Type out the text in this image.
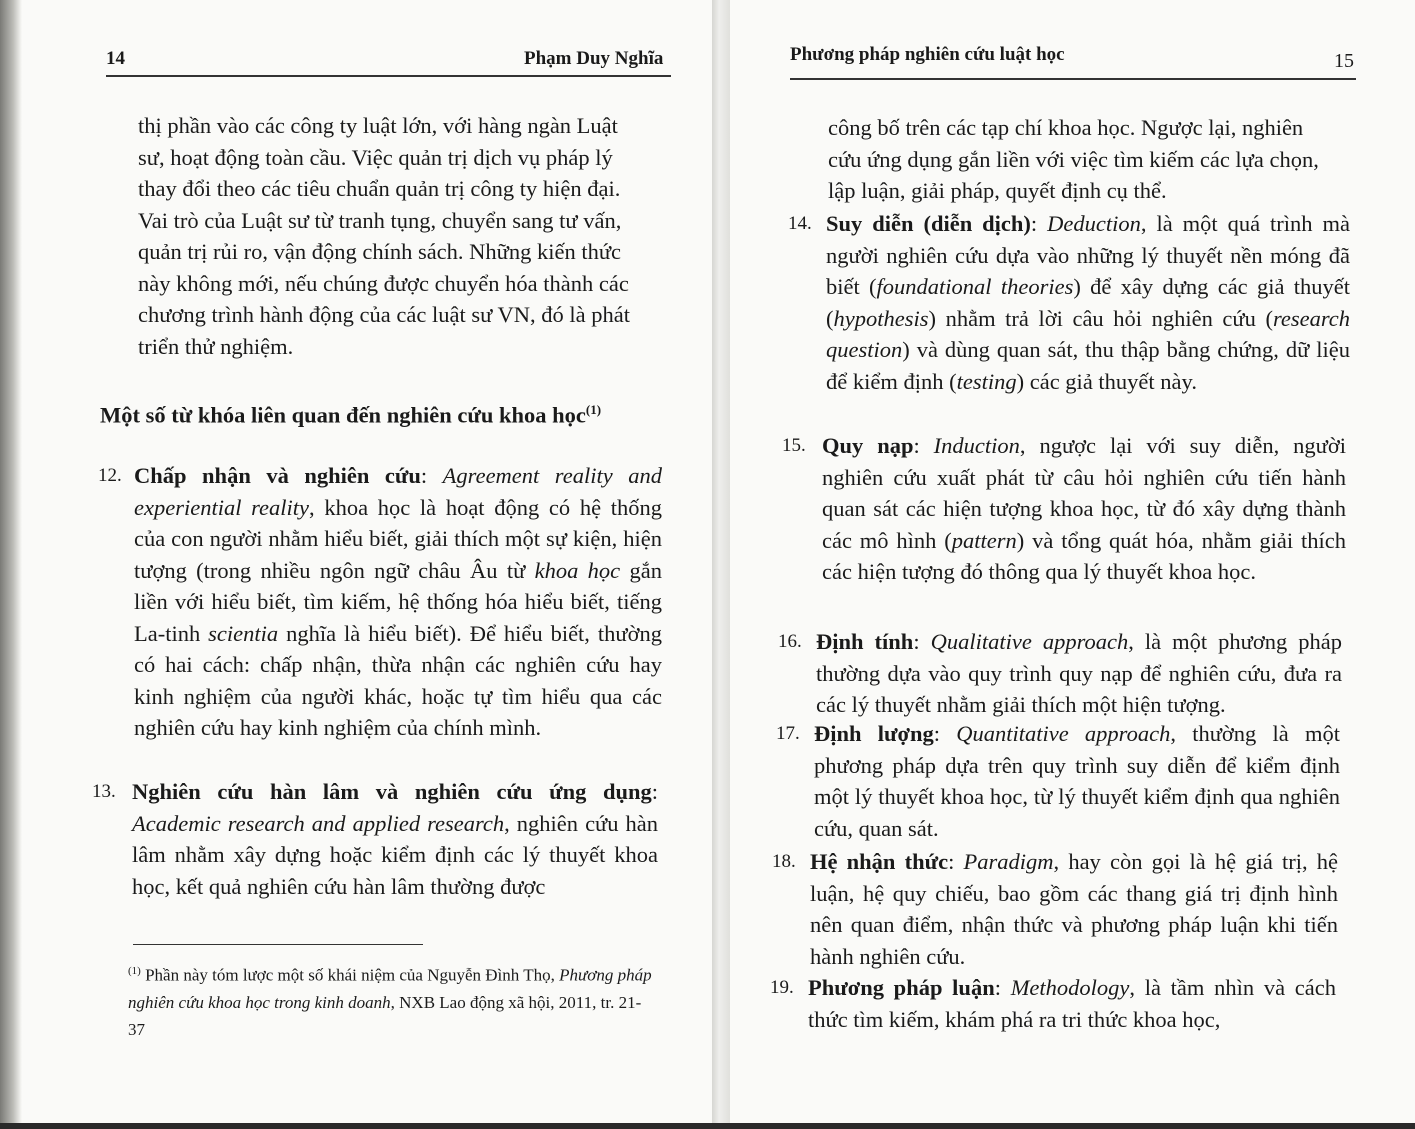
14	Phạm Duy Nghĩa

thị phần vào các công ty luật lớn, với hàng ngàn Luật

sư, hoạt động toàn cầu. Việc quản trị dịch vụ pháp lý

thay đổi theo các tiêu chuẩn quản trị công ty hiện đại.

Vai trò của Luật sư từ tranh tụng, chuyển sang tư vấn,

quản trị rủi ro, vận động chính sách. Những kiến thức

này không mới, nếu chúng được chuyển hóa thành các

chương trình hành động của các luật sư VN, đó là phát

triển thử nghiệm.

Một số từ khóa liên quan đến nghiên cứu khoa học$^{(1)}$
12. Chấp nhận và nghiên cứu: Agreement reality and experiential reality, khoa học là hoạt động có hệ thống của con người nhằm hiểu biết, giải thích một sự kiện, hiện tượng (trong nhiều ngôn ngữ châu Âu từ khoa học gắn liền với hiểu biết, tìm kiếm, hệ thống hóa hiểu biết, tiếng La-tinh scientia nghĩa là hiểu biết). Để hiểu biết, thường có hai cách: chấp nhận, thừa nhận các nghiên cứu hay kinh nghiệm của người khác, hoặc tự tìm hiểu qua các nghiên cứu hay kinh nghiệm của chính mình.
13. Nghiên cứu hàn lâm và nghiên cứu ứng dụng: Academic research and applied research, nghiên cứu hàn lâm nhằm xây dựng hoặc kiểm định các lý thuyết khoa học, kết quả nghiên cứu hàn lâm thường được
$^{(1)}$ Phần này tóm lược một số khái niệm của Nguyễn Đình Thọ, Phương pháp nghiên cứu khoa học trong kinh doanh, NXB Lao động xã hội, 2011, tr. 21-37
Phương pháp nghiên cứu luật học	15

công bố trên các tạp chí khoa học. Ngược lại, nghiên

cứu ứng dụng gắn liền với việc tìm kiếm các lựa chọn,

lập luận, giải pháp, quyết định cụ thể.

14. Suy diễn (diễn dịch): Deduction, là một quá trình mà người nghiên cứu dựa vào những lý thuyết nền móng đã biết (foundational theories) để xây dựng các giả thuyết (hypothesis) nhằm trả lời câu hỏi nghiên cứu (research question) và dùng quan sát, thu thập bằng chứng, dữ liệu để kiểm định (testing) các giả thuyết này.
15. Quy nạp: Induction, ngược lại với suy diễn, người nghiên cứu xuất phát từ câu hỏi nghiên cứu tiến hành quan sát các hiện tượng khoa học, từ đó xây dựng thành các mô hình (pattern) và tổng quát hóa, nhằm giải thích các hiện tượng đó thông qua lý thuyết khoa học.
16. Định tính: Qualitative approach, là một phương pháp thường dựa vào quy trình quy nạp để nghiên cứu, đưa ra các lý thuyết nhằm giải thích một hiện tượng.
17. Định lượng: Quantitative approach, thường là một phương pháp dựa trên quy trình suy diễn để kiểm định một lý thuyết khoa học, từ lý thuyết kiểm định qua nghiên cứu, quan sát.
18. Hệ nhận thức: Paradigm, hay còn gọi là hệ giá trị, hệ luận, hệ quy chiếu, bao gồm các thang giá trị định hình nên quan điểm, nhận thức và phương pháp luận khi tiến hành nghiên cứu.
19. Phương pháp luận: Methodology, là tầm nhìn và cách thức tìm kiếm, khám phá ra tri thức khoa học,
